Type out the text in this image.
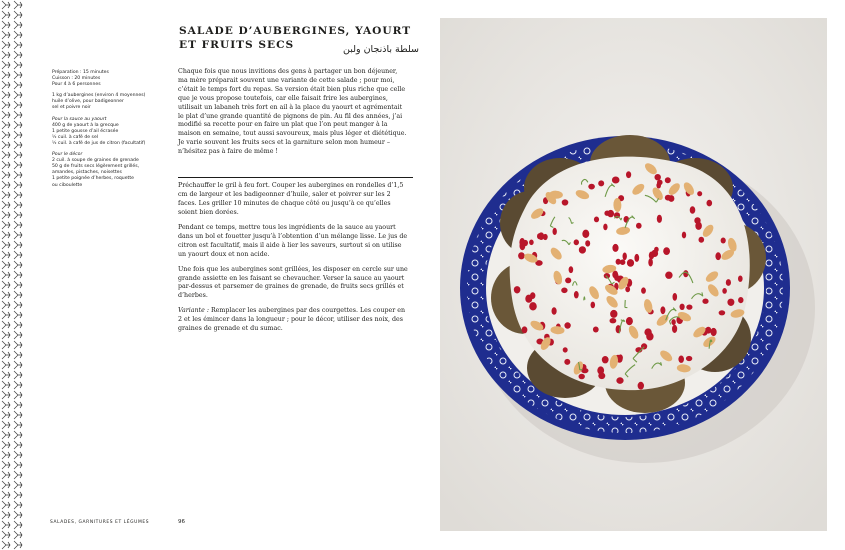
SALADE D’AUBERGINES, YAOURT
ET FRUITS SECS	سلطة باذنجان ولبن
Préparation : 15 minutes
Cuisson : 20 minutes
Pour 4 à 6 personnes
1 kg d’aubergines (environ 4 moyennes)
huile d’olive, pour badigeonner
sel et poivre noir
Pour la sauce au yaourt
400 g de yaourt à la grecque
1 petite gousse d’ail écrasée
½ cuil. à café de sel
½ cuil. à café de jus de citron (facultatif)
Pour le décor
2 cuil. à soupe de graines de grenade
50 g de fruits secs légèrement grillés,
amandes, pistaches, noisettes
1 petite poignée d’herbes, roquette
ou ciboulette
Chaque fois que nous invitions des gens à partager un bon déjeuner, ma mère préparait souvent une variante de cette salade ; pour moi, c’était le temps fort du repas. Sa version était bien plus riche que celle que je vous propose toutefois, car elle faisait frire les aubergines, utilisait un labaneh très fort en ail à la place du yaourt et agrémentait le plat d’une grande quantité de pignons de pin. Au fil des années, j’ai modifié sa recette pour en faire un plat que l’on peut manger à la maison en semaine, tout aussi savoureux, mais plus léger et diététique. Je varie souvent les fruits secs et la garniture selon mon humeur – n’hésitez pas à faire de même !

Préchauffer le gril à feu fort. Couper les aubergines en rondelles d’1,5 cm de largeur et les badigeonner d’huile, saler et poivrer sur les 2 faces. Les griller 10 minutes de chaque côté ou jusqu’à ce qu’elles soient bien dorées.

Pendant ce temps, mettre tous les ingrédients de la sauce au yaourt dans un bol et fouetter jusqu’à l’obtention d’un mélange lisse. Le jus de citron est facultatif, mais il aide à lier les saveurs, surtout si on utilise un yaourt doux et non acide.

Une fois que les aubergines sont grillées, les disposer en cercle sur une grande assiette en les faisant se chevaucher. Verser la sauce au yaourt par-dessus et parsemer de graines de grenade, de fruits secs grillés et d’herbes.

Variante : Remplacer les aubergines par des courgettes. Les couper en 2 et les émincer dans la longueur ; pour le décor, utiliser des noix, des graines de grenade et du sumac.

SALADES, GARNITURES ET LÉGUMES	96
